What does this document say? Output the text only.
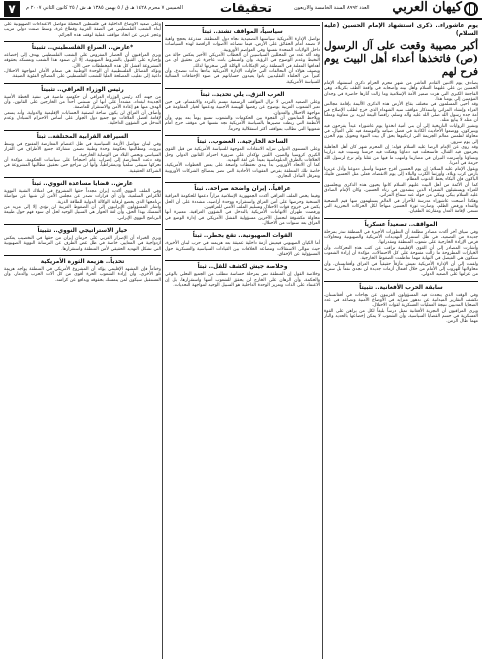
٧	الخميس ٧ محرم ١٤٢٨ هـ ق / ٥ بهمن ١٣٨٥ هـ ش / ٢٥ كانون الثاني ٢٠٠٧ م	تحقيقات	العدد ٨٩٩٢ السنة الخامسة والاربعون كيهان العربي
يوم عاشوراء.. ذكرى استشهاد الإمام الحسين (عليه السلام)
أكبر مصيبة وقعت على آل الرسول (ص) فاتخذها أعداء أهل البيت يوم فرح لهم

يصادف يوم الاثنين القادم العاشر من شهر محرم الحرام ذكرى استشهاد الإمام الحسين بن علي عليهما السلام وأهل بيته وأصحابه في واقعة الطف بكربلاء، وهي الفاجعة الكبرى التي هزت ضمير الأمة الإسلامية وما زالت آثارها حاضرة في وجدان المؤمنين إلى يومنا هذا.

وقد أحيى المسلمون في مختلف بقاع الأرض هذه الذكرى الأليمة بإقامة مجالس العزاء وإنشاد المراثي واستذكار مواقف سيد الشهداء الذي خرج لطلب الإصلاح في أمة جده رسول الله صلى الله عليه وآله وسلم، رافضاً البيعة ليزيد بن معاوية ومعلناً أن مثله لا يبايع مثله.

وتشير الروايات التاريخية إلى أن بني أمية اتخذوا يوم عاشوراء عيداً يفرحون فيه ويتبركون، ووضعوا الأحاديث الكاذبة في فضل صيامه والتوسعة فيه على العيال، في محاولة لطمس معالم الجريمة التي ارتكبوها بحق آل بيت النبوة وتحويل يوم الحزن إلى يوم سرور.

وقد روى عن الإمام الرضا عليه السلام قوله: إن المحرم شهر كان أهل الجاهلية يحرمون فيه القتال، فاستحلت فيه دماؤنا وهتكت فيه حرمتنا وسبيت فيه ذرارينا ونساؤنا وأضرمت النيران في مضاربنا وانتهب ما فيها من ثقلنا ولم ترع لرسول الله حرمة في أمرنا.

ويقول الإمام عليه السلام: إن يوم الحسين أقرح جفوننا وأسبل دموعنا وأذل عزيزنا بأرض كرب وبلاء، وأورثتنا الكرب والبلاء إلى يوم الانقضاء، فعلى مثل الحسين فليبك الباكون فإن البكاء يحط الذنوب العظام.

كما أن الأئمة من أهل البيت عليهم السلام كانوا يحيون هذه الذكرى ويجلسون للعزاء ويستقبلون الشعراء الذين ينشدون في رثاء الحسين، وكان الإمام الصادق عليه السلام يبكي ويبكي من حوله عند سماع المراثي.

وهكذا أصبحت عاشوراء مدرسة للأحرار في العالم يستلهمون منها قيم التضحية والفداء ورفض الظلم، وصارت ثورة الحسين منهاجاً لكل الحركات التحررية التي تسعى لإقامة العدل ومقارعة الطغيان.

المواقف.. تصعيداً عسكرياً

وفي سياق آخر أكدت مصادر مطلعة أن التطورات الأخيرة في المنطقة تنذر بمرحلة جديدة من التصعيد، في ظل استمرار التهديدات الأمريكية والصهيونية ومحاولات فرض الإرادة الخارجية على شعوب المنطقة ومقدراتها.

وأشارت المصادر إلى أن القوى الإقليمية تراقب عن كثب هذه التحركات، وأن الخيارات المطروحة ما زالت مفتوحة على كل الاحتمالات، مؤكدة أن إرادة الشعوب ستكون هي الفيصل في النهاية مهما تعاظمت الضغوط الخارجية.

ولفتت إلى أن الإدارة الأمريكية تعيش مأزقاً حقيقياً في العراق وأفغانستان، وأن محاولاتها للهروب إلى الأمام من خلال افتعال أزمات جديدة لن تجدي نفعاً بل ستزيد من عزلتها على الصعيد الدولي.

سابقة الحرب الأفغانية.. تثبيتاً

وفي الوقت الذي يتحدث فيه المسؤولون الغربيون عن نجاحات في أفغانستان، تكشف التقارير الميدانية عن تدهور متزايد في الأوضاع الأمنية وتصاعد في عدد الضحايا المدنيين نتيجة العمليات العسكرية لقوات الاحتلال.

ويرى المراقبون أن التجربة الأفغانية تمثل درساً بليغاً لكل من يراهن على القوة العسكرية في حسم القضايا السياسية، وأن الشعوب لا يمكن إخضاعها بالحديد والنار مهما طال الزمن.

سياسياً، المواقف تشتد.. ثبتاً

تواصل الإدارة الأمريكية سياستها التصعيدية تجاه دول المنطقة، متذرعة بحجج واهية لا تصمد أمام الحقائق على الأرض، فيما تتصاعد الأصوات الرافضة لهذه السياسات داخل الولايات المتحدة نفسها وفي العواصم الأوروبية.

وقد أكد عدد من المحللين السياسيين أن الخطاب الأمريكي الأخير يعكس حالة من التخبط وعدم الوضوح في الرؤية، وأن واشنطن باتت عاجزة عن تحقيق أي من أهدافها المعلنة في المنطقة رغم الإمكانات الهائلة التي سخرتها لذلك.

ويضيف هؤلاء أن التحالفات التي حاولت الإدارة الأمريكية بناءها بدأت تتصدع، وأن كثيراً من الحلفاء التقليديين باتوا يعيدون حساباتهم في ضوء الإخفاقات المتتالية للسياسة الأمريكية.

العرب النزق.. يلي تحديد.. ثبتاً

وعلى الصعيد العربي لا تزال المواقف الرسمية تتسم بالتردد والانقسام، في حين تعبر الشعوب العربية بوضوح عن رفضها للهيمنة الأجنبية ودعمها لخيار المقاومة في مواجهة الاحتلال والعدوان.

ويلاحظ المتابعون أن الفجوة بين الحكومات والشعوب تتسع يوماً بعد يوم، وأن الأنظمة التي ربطت مصيرها بالسياسة الأمريكية تجد نفسها في موقف حرج أمام شعوبها التي تطالب بمواقف أكثر استقلالية وحزماً.

الساحة الخارجية.. الغضوب.. ثبتاً

وعلى المستوى الدولي تتزايد الانتقادات الموجهة للسياسة الأمريكية من قبل القوى الكبرى كروسيا والصين، اللتين تؤكدان على ضرورة احترام القانون الدولي وحل الخلافات بالطرق الدبلوماسية بعيداً عن لغة التهديد.

كما أن الاتحاد الأوروبي بدأ يبدي تحفظات واضحة على بعض الخطوات الأمريكية، خاصة تلك المتعلقة بفرض العقوبات الأحادية التي تضر بمصالح الشركات الأوروبية وتعرقل التبادل التجاري.

عراقياً.. إيران واضحة صراحة.. ثبتاً

وفيما يخص الملف العراقي أكدت الجمهورية الإسلامية مراراً دعمها للحكومة العراقية المنتخبة وحرصها على أمن العراق واستقراره ووحدة أراضيه، مشددة على أن الحل يكمن في خروج قوات الاحتلال وتسليم الملف الأمني للعراقيين.

ورفضت طهران الاتهامات الأمريكية بالتدخل في الشؤون العراقية، معتبرة أنها محاولة مكشوفة لتحميل الآخرين مسؤولية الفشل الأمريكي في إدارة الوضع في العراق بعد سنوات من الاحتلال.

القوات الصهيونية.. تقع بخطر.. ثبتاً

أما الكيان الصهيوني فيعيش أزمة داخلية عميقة بعد هزيمته في حرب لبنان الأخيرة، حيث تتوالى الاستقالات وتتصاعد الخلافات بين القيادات السياسية والعسكرية حول المسؤولية عن الإخفاق.

وخلاصة جيش لكشف للقل.. ثبتاً

وخلاصة القول إن المنطقة تمر بمرحلة حساسة تتطلب من الجميع التحلي بالوعي والحكمة، وأن الرهان على الخارج لن يحقق للشعوب أمنها واستقرارها، بل إن الاعتماد على الذات وتعزيز الوحدة الداخلية هو السبيل الوحيد لمواجهة التحديات.

وعلى صعيد الأوضاع الداخلية في فلسطين المحتلة تتواصل الاعتداءات الصهيونية على أبناء الشعب الفلسطيني في الضفة الغربية وقطاع غزة، وسط صمت دولي مريب وعجز عربي عن اتخاذ مواقف عملية لوقف هذه الجرائم.

*عارض.. الصراع الفلسطيني.. تثبيتاً

ويرى المراقبون أن الحصار المفروض على الشعب الفلسطيني يهدف إلى إخضاعه وإجباره على القبول بالشروط الصهيونية، إلا أن صمود هذا الشعب وتمسكه بحقوقه المشروعة أفشل كل هذه المخططات حتى الآن.

وتؤكد الفصائل الفلسطينية أن الوحدة الوطنية هي صمام الأمان لمواجهة الاحتلال، داعية إلى تغليب المصلحة العليا للشعب الفلسطيني على المصالح الفئوية الضيقة.

رئيس الوزراء العراقي.. تثبيتاً

من جهته أكد رئيس الوزراء العراقي أن حكومته ماضية في تنفيذ الخطة الأمنية الجديدة لبغداد، مشدداً على أنها لن تستثني أحداً من الخارجين على القانون، وأن الهدف منها هو إعادة الأمن والاستقرار للعاصمة.

وأضاف أن العراق لن يكون ساحة لتصفية الحسابات الإقليمية والدولية، وأنه يسعى لإقامة أفضل العلاقات مع جميع دول الجوار على أساس الاحترام المتبادل وعدم التدخل في الشؤون الداخلية.

السيراقة القرابية المختلفة.. ثبتاً

وفي لبنان تتواصل الأزمة السياسية في ظل اعتصام المعارضة المفتوح في وسط بيروت، ومطالبتها بحكومة وحدة وطنية تضمن مشاركة جميع الأطراف في القرار السياسي وتحمي البلاد من الوصاية الخارجية.

وقد دعت المعارضة إلى إضراب عام احتجاجاً على سياسات الحكومة، مؤكدة أن تحركها سيبقى سلمياً وديمقراطياً، وأنها لن تتراجع حتى تحقيق مطالبها المشروعة في الشراكة الحقيقية.

عارض.. قضايا مساعدة النووي.. ثبتاً

وفي الملف النووي أكدت إيران مجدداً حقها المشروع في امتلاك التقنية النووية للأغراض السلمية، وأن أي قرارات تصدر عن مجلس الأمن لن تثنيها عن مواصلة برنامجها الذي يخضع لرقابة الوكالة الدولية للطاقة الذرية.

وأشار المسؤولون الإيرانيون إلى أن الضغوط الغربية لن تؤدي إلا إلى مزيد من التمسك بهذا الحق، وأن لغة الحوار هي السبيل الوحيد لحل أي سوء فهم حول طبيعة البرنامج النووي الإيراني.

خيار الاستراتيجي النووي.. تثبيتاً

ويرى الخبراء أن الإصرار الغربي على حرمان إيران من حقها في التخصيب يعكس ازدواجية في المعايير، خاصة في ظل غض الطرف عن الترسانة النووية الصهيونية التي تشكل التهديد الحقيقي لأمن المنطقة واستقرارها.

تحدياً.. هزيمة الثورة الأمريكية

وختاماً فإن المشهد الإقليمي يؤكد أن المشروع الأمريكي في المنطقة يواجه هزيمة تلو الأخرى، وأن إرادة الشعوب الحرة أقوى من كل آلات الحرب والدمار، وأن المستقبل سيكون لمن يتمسك بحقوقه ويدافع عن كرامته.
